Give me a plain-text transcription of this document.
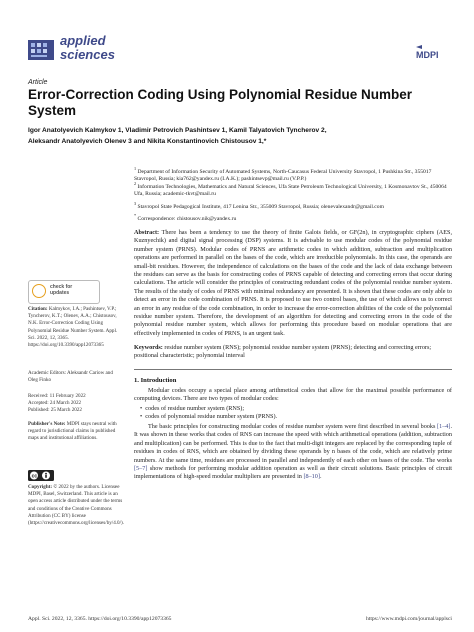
applied
sciences	MDPI
Article
Error-Correction Coding Using Polynomial Residue Number System
Igor Anatolyevich Kalmykov 1, Vladimir Petrovich Pashintsev 1, Kamil Talyatovich Tyncherov 2,
Aleksandr Anatolyevich Olenev 3 and Nikita Konstantinovich Chistousov 1,*
$^1$ Department of Information Security of Automated Systems, North-Caucasus Federal University Stavropol, 1 Pushkina Str., 355017 Stavropol, Russia; kia762@yandex.ru (I.A.K.); pashintsevp@mail.ru (V.P.P.)
$^2$ Information Technologies, Mathematics and Natural Sciences, Ufa State Petroleum Technological University, 1 Kosmonavtov St., 450064 Ufa, Russia; academic-tkvt@mail.ru
$^3$ Stavropol State Pedagogical Institute, 417 Lenina Str., 355009 Stavropol, Russia; olenevalexandr@gmail.com
* Correspondence: chistousov.nik@yandex.ru
Abstract: There has been a tendency to use the theory of finite Galois fields, or GF(2n), in cryptographic ciphers (AES, Kuznyechik) and digital signal processing (DSP) systems. It is advisable to use modular codes of the polynomial residue number system (PRNS). Modular codes of PRNS are arithmetic codes in which addition, subtraction and multiplication operations are performed in parallel on the bases of the code, which are irreducible polynomials. In this case, the operands are small-bit residues. However, the independence of calculations on the bases of the code and the lack of data exchange between the residues can serve as the basis for constructing codes of PRNS capable of detecting and correcting errors that occur during calculations. The article will consider the principles of constructing redundant codes of the polynomial residue number system. The results of the study of codes of PRNS with minimal redundancy are presented. It is shown that these codes are only able to detect an error in the code combination of PRNS. It is proposed to use two control bases, the use of which allows us to correct an error in any residue of the code combination, in order to increase the error-correction abilities of the code of the polynomial residue number system. Therefore, the development of an algorithm for detecting and correcting errors in the code of the polynomial residue number system, which allows for performing this procedure based on modular operations that are effectively implemented in codes of PRNS, is an urgent task.
Keywords: residue number system (RNS); polynomial residue number system (PRNS); detecting and correcting errors; positional characteristic; polynomial interval
check for
updates
Citation: Kalmykov, I.A.; Pashintsev, V.P.; Tyncherov, K.T.; Olenev, A.A.; Chistousov, N.K. Error-Correction Coding Using Polynomial Residue Number System. Appl. Sci. 2022, 12, 3365. https://doi.org/10.3390/app12073365
Academic Editors: Aleksandr Cariow and Oleg Finko
Received: 11 February 2022
Accepted: 24 March 2022
Published: 25 March 2022
Publisher's Note: MDPI stays neutral with regard to jurisdictional claims in published maps and institutional affiliations.
cc
Copyright: © 2022 by the authors. Licensee MDPI, Basel, Switzerland. This article is an open access article distributed under the terms and conditions of the Creative Commons Attribution (CC BY) license (https://creativecommons.org/licenses/by/4.0/).
1. Introduction
Modular codes occupy a special place among arithmetical codes that allow for the maximal possible performance of computing devices. There are two types of modular codes:
•  codes of residue number system (RNS);
•  codes of polynomial residue number system (PRNS).
The basic principles for constructing modular codes of residue number system were first described in several books [1–4]. It was shown in these works that codes of RNS can increase the speed with which arithmetical operations (addition, subtraction and multiplication) can be performed. This is due to the fact that multi-digit integers are replaced by the corresponding tuple of residues in codes of RNS, which are obtained by dividing these operands by n bases of the code, which are relatively prime numbers. At the same time, residues are processed in parallel and independently of each other on bases of the code. The works [5–7] show methods for performing modular addition operation as well as their circuit solutions. Basic principles of circuit implementations of high-speed modular multipliers are presented in [8–10].
Appl. Sci. 2022, 12, 3365. https://doi.org/10.3390/app12073365	https://www.mdpi.com/journal/applsci
